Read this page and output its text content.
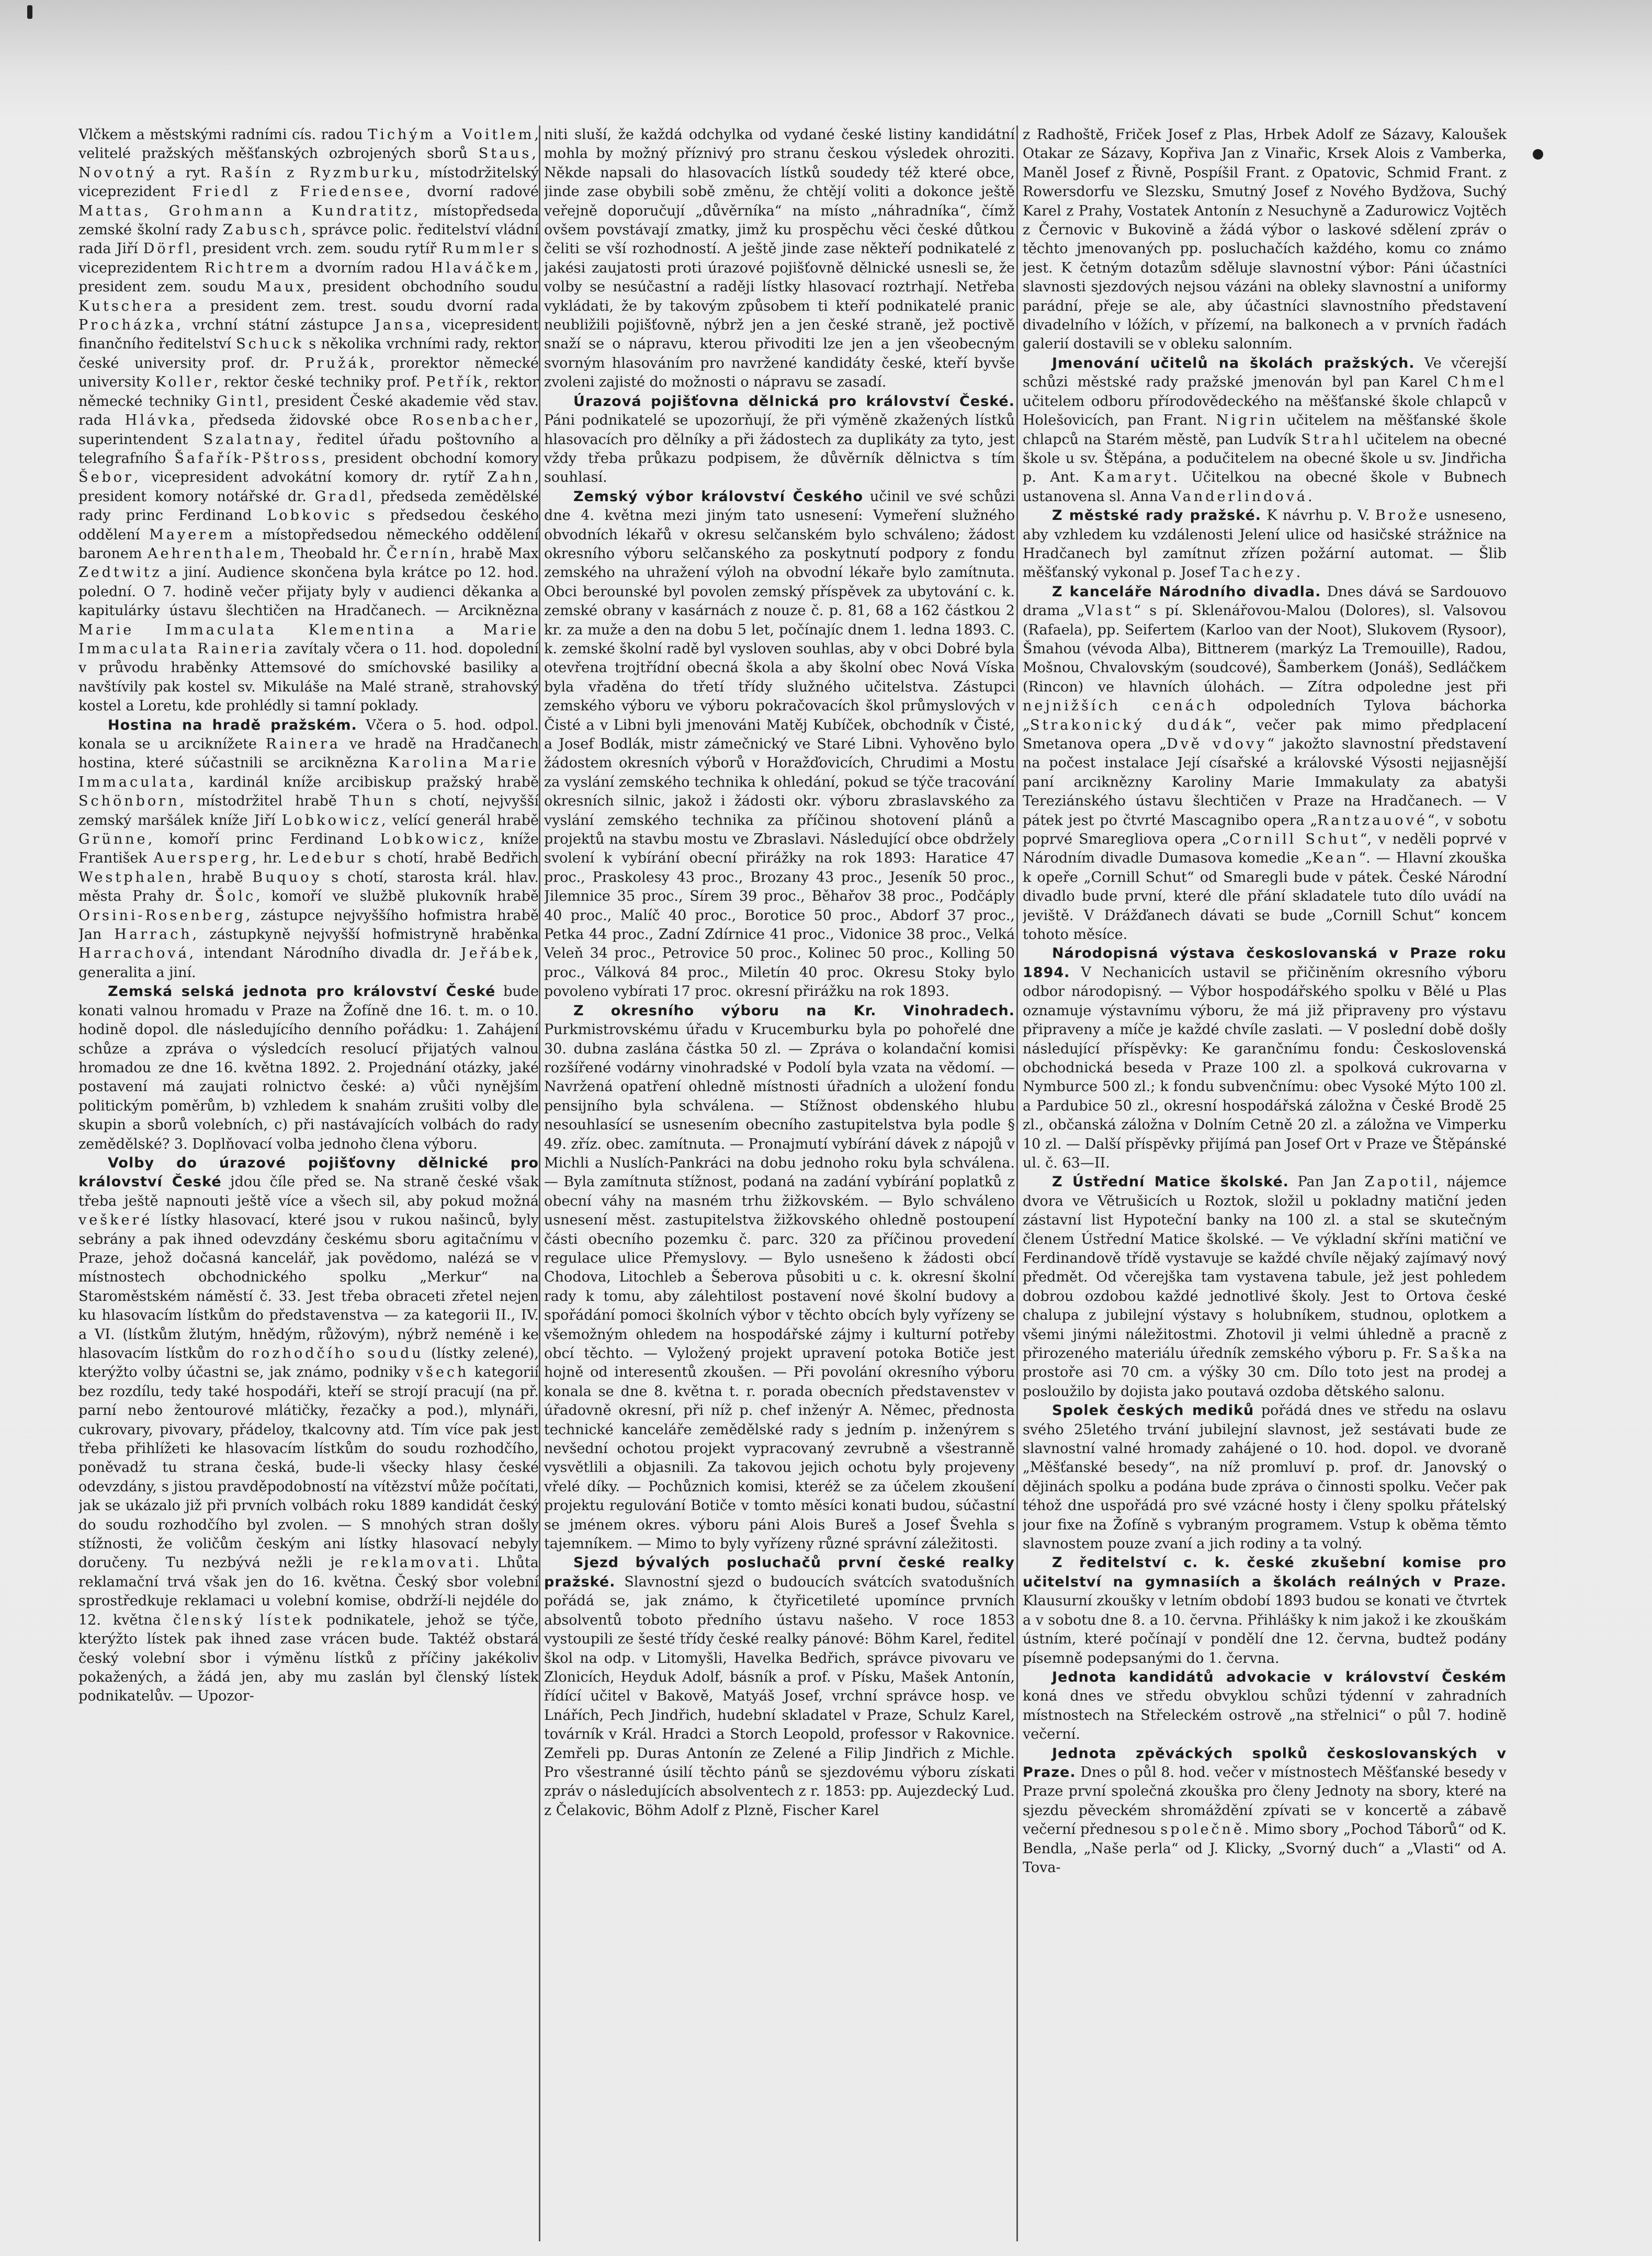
Vlčkem a městskými radními cís. radou Tichým a Voitlem, velitelé pražských měšťanských ozbrojených sborů Staus, Novotný a ryt. Rašín z Ryzmburku, místodržitelský viceprezident Friedl z Friedensee, dvorní radové Mattas, Grohmann a Kundratitz, místopředseda zemské školní rady Zabusch, správce polic. ředitelství vládní rada Jiří Dörfl, president vrch. zem. soudu rytíř Rummler s viceprezidentem Richtrem a dvorním radou Hlaváčkem, president zem. soudu Maux, president obchodního soudu Kutschera a president zem. trest. soudu dvorní rada Procházka, vrchní státní zástupce Jansa, vicepresident finančního ředitelství Schuck s několika vrchními rady, rektor české university prof. dr. Pružák, prorektor německé university Koller, rektor české techniky prof. Petřík, rektor německé techniky Gintl, president České akademie věd stav. rada Hlávka, předseda židovské obce Rosenbacher, superintendent Szalatnay, ředitel úřadu poštovního a telegrafního Šafařík-Pštross, president obchodní komory Šebor, vicepresident advokátní komory dr. rytíř Zahn, president komory notářské dr. Gradl, předseda zemědělské rady princ Ferdinand Lobkovic s předsedou českého oddělení Mayerem a místopředsedou německého oddělení baronem Aehrenthalem, Theobald hr. Černín, hrabě Max Zedtwitz a jiní. Audience skončena byla krátce po 12. hod. polední. O 7. hodině večer přijaty byly v audienci děkanka a kapitulárky ústavu šlechtičen na Hradčanech. — Arciknězna Marie Immaculata Klementina a Marie Immaculata Raineria zavítaly včera o 11. hod. dopolední v průvodu hraběnky Attemsové do smíchovské basiliky a navštívily pak kostel sv. Mikuláše na Malé straně, strahovský kostel a Loretu, kde prohlédly si tamní poklady.

Hostina na hradě pražském. Včera o 5. hod. odpol. konala se u arciknížete Rainera ve hradě na Hradčanech hostina, které súčastnili se arciknězna Karolina Marie Immaculata, kardinál kníže arcibiskup pražský hrabě Schönborn, místodržitel hrabě Thun s chotí, nejvyšší zemský maršálek kníže Jiří Lobkowicz, velící generál hrabě Grünne, komoří princ Ferdinand Lobkowicz, kníže František Auersperg, hr. Ledebur s chotí, hrabě Bedřich Westphalen, hrabě Buquoy s chotí, starosta král. hlav. města Prahy dr. Šolc, komoří ve službě plukovník hrabě Orsini-Rosenberg, zástupce nejvyššího hofmistra hrabě Jan Harrach, zástupkyně nejvyšší hofmistryně hraběnka Harrachová, intendant Národního divadla dr. Jeřábek, generalita a jiní.

Zemská selská jednota pro království České bude konati valnou hromadu v Praze na Žofíně dne 16. t. m. o 10. hodině dopol. dle následujícího denního pořádku: 1. Zahájení schůze a zpráva o výsledcích resolucí přijatých valnou hromadou ze dne 16. května 1892. 2. Projednání otázky, jaké postavení má zaujati rolnictvo české: a) vůči nynějším politickým poměrům, b) vzhledem k snahám zrušiti volby dle skupin a sborů volebních, c) při nastávajících volbách do rady zemědělské? 3. Doplňovací volba jednoho člena výboru.

Volby do úrazové pojišťovny dělnické pro království České jdou číle před se. Na straně české však třeba ještě napnouti ještě více a všech sil, aby pokud možná veškeré lístky hlasovací, které jsou v rukou našinců, byly sebrány a pak ihned odevzdány českému sboru agitačnímu v Praze, jehož dočasná kancelář, jak povědomo, nalézá se v místnostech obchodnického spolku „Merkur“ na Staroměstském náměstí č. 33. Jest třeba obraceti zřetel nejen ku hlasovacím lístkům do představenstva — za kategorii II., IV. a VI. (lístkům žlutým, hnědým, růžovým), nýbrž neméně i ke hlasovacím lístkům do rozhodčího soudu (lístky zelené), kterýžto volby účastni se, jak známo, podniky všech kategorií bez rozdílu, tedy také hospodáři, kteří se strojí pracují (na př. parní nebo žentourové mlátičky, řezačky a pod.), mlynáři, cukrovary, pivovary, přádeloy, tkalcovny atd. Tím více pak jest třeba přihlížeti ke hlasovacím lístkům do soudu rozhodčího, poněvadž tu strana česká, bude-li všecky hlasy české odevzdány, s jistou pravděpodobností na vítězství může počítati, jak se ukázalo již při prvních volbách roku 1889 kandidát český do soudu rozhodčího byl zvolen. — S mnohých stran došly stížnosti, že voličům českým ani lístky hlasovací nebyly doručeny. Tu nezbývá nežli je reklamovati. Lhůta reklamační trvá však jen do 16. května. Český sbor volební sprostředkuje reklamaci u volební komise, obdrží-li nejdéle do 12. května členský lístek podnikatele, jehož se týče, kterýžto lístek pak ihned zase vrácen bude. Taktéž obstará český volební sbor i výměnu lístků z příčiny jakékoliv pokažených, a žádá jen, aby mu zaslán byl členský lístek podnikatelův. — Upozor-

niti sluší, že každá odchylka od vydané české listiny kandidátní mohla by možný příznivý pro stranu českou výsledek ohroziti. Někde napsali do hlasovacích lístků soudedy též které obce, jinde zase obybili sobě změnu, že chtějí voliti a dokonce ještě veřejně doporučují „důvěrníka“ na místo „náhradníka“, čímž ovšem povstávají zmatky, jimž ku prospěchu věci české důtkou čeliti se vší rozhodností. A ještě jinde zase někteří podnikatelé z jakési zaujatosti proti úrazové pojišťovně dělnické usnesli se, že volby se nesúčastní a raději lístky hlasovací roztrhají. Netřeba vykládati, že by takovým způsobem ti kteří podnikatelé pranic neubližili pojišťovně, nýbrž jen a jen české straně, jež poctivě snaží se o nápravu, kterou přivoditi lze jen a jen všeobecným svorným hlasováním pro navržené kandidáty české, kteří byvše zvoleni zajisté do možnosti o nápravu se zasadí.

Úrazová pojišťovna dělnická pro království České. Páni podnikatelé se upozorňují, že při výměně zkažených lístků hlasovacích pro dělníky a při žádostech za duplikáty za tyto, jest vždy třeba průkazu podpisem, že důvěrník dělnictva s tím souhlasí.

Zemský výbor království Českého učinil ve své schůzi dne 4. května mezi jiným tato usnesení: Vymeření služného obvodních lékařů v okresu selčanském bylo schváleno; žádost okresního výboru selčanského za poskytnutí podpory z fondu zemského na uhražení výloh na obvodní lékaře bylo zamítnuta. Obci berounské byl povolen zemský příspěvek za ubytování c. k. zemské obrany v kasárnách z nouze č. p. 81, 68 a 162 částkou 2 kr. za muže a den na dobu 5 let, počínajíc dnem 1. ledna 1893. C. k. zemské školní radě byl vysloven souhlas, aby v obci Dobré byla otevřena trojtřídní obecná škola a aby školní obec Nová Víska byla vřaděna do třetí třídy služného učitelstva. Zástupci zemského výboru ve výboru pokračovacích škol průmyslových v Čisté a v Libni byli jmenováni Matěj Kubíček, obchodník v Čisté, a Josef Bodlák, mistr zámečnický ve Staré Libni. Vyhověno bylo žádostem okresních výborů v Horažďovicích, Chrudimi a Mostu za vyslání zemského technika k ohledání, pokud se týče tracování okresních silnic, jakož i žádosti okr. výboru zbraslavského za vyslání zemského technika za příčinou shotovení plánů a projektů na stavbu mostu ve Zbraslavi. Následující obce obdržely svolení k vybírání obecní přirážky na rok 1893: Haratice 47 proc., Praskolesy 43 proc., Brozany 43 proc., Jeseník 50 proc., Jilemnice 35 proc., Sírem 39 proc., Běhařov 38 proc., Podčáply 40 proc., Malíč 40 proc., Borotice 50 proc., Abdorf 37 proc., Petka 44 proc., Zadní Zdírnice 41 proc., Vidonice 38 proc., Velká Veleň 34 proc., Petrovice 50 proc., Kolinec 50 proc., Kolling 50 proc., Válková 84 proc., Miletín 40 proc. Okresu Stoky bylo povoleno vybírati 17 proc. okresní přirážku na rok 1893.

Z okresního výboru na Kr. Vinohradech. Purkmistrovskému úřadu v Krucemburku byla po pohořelé dne 30. dubna zaslána částka 50 zl. — Zpráva o kolandační komisi rozšířené vodárny vinohradské v Podolí byla vzata na vědomí. — Navržená opatření ohledně místnosti úřadních a uložení fondu pensijního byla schválena. — Stížnost obdenského hlubu nesouhlasící se usnesením obecního zastupitelstva byla podle § 49. zříz. obec. zamítnuta. — Pronajmutí vybírání dávek z nápojů v Michli a Nuslích-Pankráci na dobu jednoho roku byla schválena. — Byla zamítnuta stížnost, podaná na zadání vybírání poplatků z obecní váhy na masném trhu žižkovském. — Bylo schváleno usnesení měst. zastupitelstva žižkovského ohledně postoupení části obecního pozemku č. parc. 320 za příčinou provedení regulace ulice Přemyslovy. — Bylo usnešeno k žádosti obcí Chodova, Litochleb a Šeberova působiti u c. k. okresní školní rady k tomu, aby zálehtilost postavení nové školní budovy a spořádání pomoci školních výbor v těchto obcích byly vyřízeny se všemožným ohledem na hospodářské zájmy i kulturní potřeby obcí těchto. — Vyložený projekt upravení potoka Botiče jest hojně od interesentů zkoušen. — Při povolání okresního výboru konala se dne 8. května t. r. porada obecních představenstev v úřadovně okresní, při níž p. chef inženýr A. Němec, přednosta technické kanceláře zemědělské rady s jedním p. inženýrem s nevšední ochotou projekt vypracovaný zevrubně a všestranně vysvětlili a objasnili. Za takovou jejich ochotu byly projeveny vřelé díky. — Pochůznich komisi, kteréž se za účelem zkoušení projektu regulování Botiče v tomto měsíci konati budou, súčastní se jménem okres. výboru páni Alois Bureš a Josef Švehla s tajemníkem. — Mimo to byly vyřízeny různé správní záležitosti.

Sjezd bývalých posluchačů první české realky pražské. Slavnostní sjezd o budoucích svátcích svatodušních pořádá se, jak známo, k čtyřicetileté upomínce prvních absolventů toboto předního ústavu našeho. V roce 1853 vystoupili ze šesté třídy české realky pánové: Böhm Karel, ředitel škol na odp. v Litomyšli, Havelka Bedřich, správce pivovaru ve Zlonicích, Heyduk Adolf, básník a prof. v Písku, Mašek Antonín, řídící učitel v Bakově, Matyáš Josef, vrchní správce hosp. ve Lnářích, Pech Jindřich, hudební skladatel v Praze, Schulz Karel, továrník v Král. Hradci a Storch Leopold, professor v Rakovnice. Zemřeli pp. Duras Antonín ze Zelené a Filip Jindřich z Michle. Pro všestranné úsilí těchto pánů se sjezdovému výboru získati zpráv o následujících absolventech z r. 1853: pp. Aujezdecký Lud. z Čelakovic, Böhm Adolf z Plzně, Fischer Karel

z Radhoště, Friček Josef z Plas, Hrbek Adolf ze Sázavy, Kaloušek Otakar ze Sázavy, Kopřiva Jan z Vinařic, Krsek Alois z Vamberka, Maněl Josef z Řivně, Pospíšil Frant. z Opatovic, Schmid Frant. z Rowersdorfu ve Slezsku, Smutný Josef z Nového Bydžova, Suchý Karel z Prahy, Vostatek Antonín z Nesuchyně a Zadurowicz Vojtěch z Černovic v Bukovině a žádá výbor o laskové sdělení zpráv o těchto jmenovaných pp. posluchačích každého, komu co známo jest. K četným dotazům sděluje slavnostní výbor: Páni účastníci slavnosti sjezdových nejsou vázáni na obleky slavnostní a uniformy parádní, přeje se ale, aby účastníci slavnostního představení divadelního v lóžích, v přízemí, na balkonech a v prvních řadách galerií dostavili se v obleku salonním.

Jmenování učitelů na školách pražských. Ve včerejší schůzi městské rady pražské jmenován byl pan Karel Chmel učitelem odboru přírodovědeckého na měšťanské škole chlapců v Holešovicích, pan Frant. Nigrin učitelem na měšťanské škole chlapců na Starém městě, pan Ludvík Strahl učitelem na obecné škole u sv. Štěpána, a podučitelem na obecné škole u sv. Jindřicha p. Ant. Kamaryt. Učitelkou na obecné škole v Bubnech ustanovena sl. Anna Vanderlindová.

Z městské rady pražské. K návrhu p. V. Brože usneseno, aby vzhledem ku vzdálenosti Jelení ulice od hasičské strážnice na Hradčanech byl zamítnut zřízen požární automat. — Šlib měšťanský vykonal p. Josef Tachezy.

Z kanceláře Národního divadla. Dnes dává se Sardouovo drama „Vlast“ s pí. Sklenářovou-Malou (Dolores), sl. Valsovou (Rafaela), pp. Seifertem (Karloo van der Noot), Slukovem (Rysoor), Šmahou (vévoda Alba), Bittnerem (markýz La Tremouille), Radou, Mošnou, Chvalovským (soudcové), Šamberkem (Jonáš), Sedláčkem (Rincon) ve hlavních úlohách. — Zítra odpoledne jest při nejnižších cenách odpoledních Tylova báchorka „Strakonický dudák“, večer pak mimo předplacení Smetanova opera „Dvě vdovy“ jakožto slavnostní představení na počest instalace Její císařské a královské Výsosti nejjasnější paní arciknězny Karoliny Marie Immakulaty za abatyši Tereziánského ústavu šlechtičen v Praze na Hradčanech. — V pátek jest po čtvrté Mascagnibo opera „Rantzauové“, v sobotu poprvé Smaregliova opera „Cornill Schut“, v neděli poprvé v Národním divadle Dumasova komedie „Kean“. — Hlavní zkouška k opeře „Cornill Schut“ od Smaregli bude v pátek. České Národní divadlo bude první, které dle přání skladatele tuto dílo uvádí na jeviště. V Drážďanech dávati se bude „Cornill Schut“ koncem tohoto měsíce.

Národopisná výstava českoslovanská v Praze roku 1894. V Nechanicích ustavil se přičiněním okresního výboru odbor národopisný. — Výbor hospodářského spolku v Bělé u Plas oznamuje výstavnímu výboru, že má již připraveny pro výstavu připraveny a míče je každé chvíle zaslati. — V poslední době došly následující příspěvky: Ke garančnímu fondu: Československá obchodnická beseda v Praze 100 zl. a spolková cukrovarna v Nymburce 500 zl.; k fondu subvenčnímu: obec Vysoké Mýto 100 zl. a Pardubice 50 zl., okresní hospodářská záložna v České Brodě 25 zl., občanská záložna v Dolním Cetně 20 zl. a záložna ve Vimperku 10 zl. — Další příspěvky přijímá pan Josef Ort v Praze ve Štěpánské ul. č. 63—II.

Z Ústřední Matice školské. Pan Jan Zapotil, nájemce dvora ve Větrušicích u Roztok, složil u pokladny matiční jeden zástavní list Hypoteční banky na 100 zl. a stal se skutečným členem Ústřední Matice školské. — Ve výkladní skříni matiční ve Ferdinandově třídě vystavuje se každé chvíle nějaký zajímavý nový předmět. Od včerejška tam vystavena tabule, jež jest pohledem dobrou ozdobou každé jednotlivé školy. Jest to Ortova české chalupa z jubilejní výstavy s holubníkem, studnou, oplotkem a všemi jinými náležitostmi. Zhotovil ji velmi úhledně a pracně z přirozeného materiálu úředník zemského výboru p. Fr. Saška na prostoře asi 70 cm. a výšky 30 cm. Dílo toto jest na prodej a posloužilo by dojista jako poutavá ozdoba dětského salonu.

Spolek českých mediků pořádá dnes ve středu na oslavu svého 25letého trvání jubilejní slavnost, jež sestávati bude ze slavnostní valné hromady zahájené o 10. hod. dopol. ve dvoraně „Měšťanské besedy“, na níž promluví p. prof. dr. Janovský o dějinách spolku a podána bude zpráva o činnosti spolku. Večer pak téhož dne uspořádá pro své vzácné hosty i členy spolku přátelský jour fixe na Žofíně s vybraným programem. Vstup k oběma těmto slavnostem pouze zvaní a jich rodiny a ta volný.

Z ředitelství c. k. české zkušební komise pro učitelství na gymnasiích a školách reálných v Praze. Klausurní zkoušky v letním období 1893 budou se konati ve čtvrtek a v sobotu dne 8. a 10. června. Přihlášky k nim jakož i ke zkouškám ústním, které počínají v pondělí dne 12. června, budtež podány písemně podepsanými do 1. června.

Jednota kandidátů advokacie v království Českém koná dnes ve středu obvyklou schůzi týdenní v zahradních místnostech na Střeleckém ostrově „na střelnici“ o půl 7. hodině večerní.

Jednota zpěváckých spolků českoslovanských v Praze. Dnes o půl 8. hod. večer v místnostech Měšťanské besedy v Praze první společná zkouška pro členy Jednoty na sbory, které na sjezdu pěveckém shromáždění zpívati se v koncertě a zábavě večerní přednesou společně. Mimo sbory „Pochod Táborů“ od K. Bendla, „Naše perla“ od J. Klicky, „Svorný duch“ a „Vlasti“ od A. Tova-
